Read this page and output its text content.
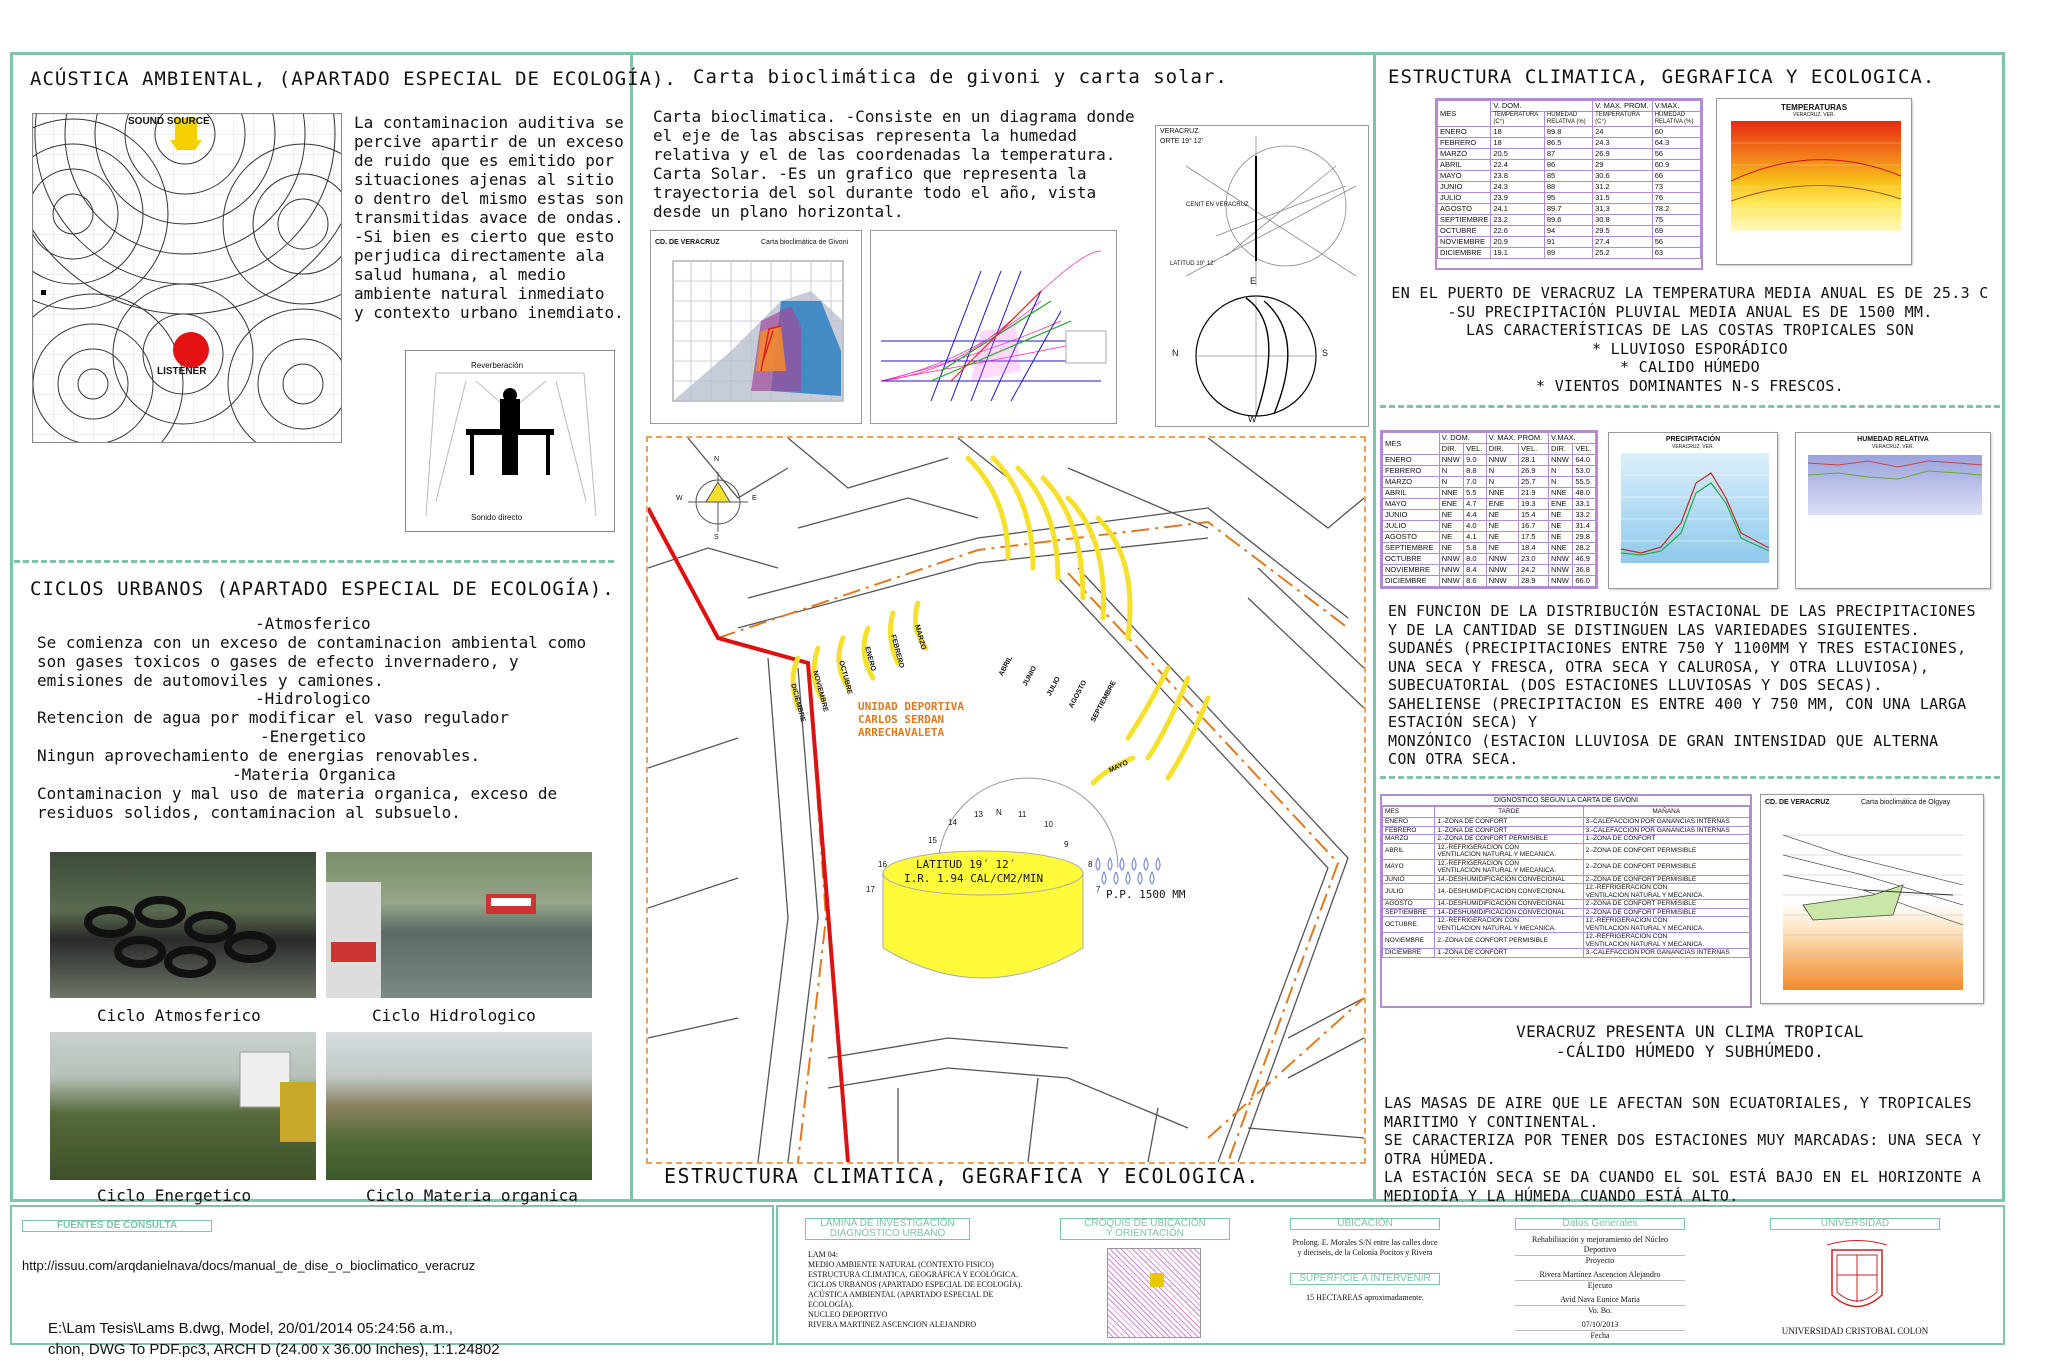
ACÚSTICA AMBIENTAL, (APARTADO ESPECIAL DE ECOLOGÍA).
SOUND SOURCE
LISTENER
La contaminacion auditiva se
percive apartir de un exceso
de ruido que es emitido por
situaciones ajenas al sitio
o dentro del mismo estas son
transmitidas avace de ondas.
-Si bien es cierto que esto
perjudica directamente ala
salud humana, al medio
ambiente natural inmediato
y contexto urbano inemdiato.
Reverberación
Sonido directo
CICLOS URBANOS (APARTADO ESPECIAL DE ECOLOGÍA).
-Atmosferico
Se comienza con un exceso de contaminacion ambiental como
son gases toxicos o gases de efecto invernadero, y
emisiones de automoviles y camiones.
-Hidrologico
Retencion de agua por modificar el vaso regulador
-Energetico
Ningun aprovechamiento de energias renovables.
-Materia Organica
Contaminacion y mal uso de materia organica, exceso de
residuos solidos, contaminacion al subsuelo.
Ciclo Atmosferico	Ciclo Hidrologico
Ciclo Energetico	Ciclo Materia organica
Carta bioclimática de givoni y carta solar.
Carta bioclimatica. -Consiste en un diagrama donde
el eje de las abscisas representa la humedad
relativa y el de las coordenadas la temperatura.
Carta Solar. -Es un grafico que representa la
trayectoria del sol durante todo el año, vista
desde un plano horizontal.
CD. DE VERACRUZ	Carta bioclimática de Givoni
VERACRUZ
ORTE 19° 12'
CENIT EN VERACRUZ
LATITUD 19° 12'
E
N	S
W
N
E
S
W
DICIEMBRE NOVIEMBRE OCTUBRE
ENERO FEBRERO MARZO
ABRIL JUNIO JULIO AGOSTO SEPTIEMBRE
MAYO
UNIDAD DEPORTIVA
CARLOS SERDAN
ARRECHAVALETA
13 N 11
14	10
15	9
16	8
17	7
LATITUD 19´ 12´
I.R. 1.94 CAL/CM2/MIN
P.P. 1500 MM
ESTRUCTURA CLIMATICA, GEGRAFICA Y ECOLOGICA.
ESTRUCTURA CLIMATICA, GEGRAFICA Y ECOLOGICA.
MES	V. DOM.		V. MAX. PROM.	V.MAX.
	TEMPERATURA (C°)	HUMEDAD RELATIVA (%)	TEMPERATURA (C°)	HUMEDAD RELATIVA (%)
ENERO	18	89.8	24	60
FEBRERO	18	86.5	24.3	64.3
MARZO	20.5	87	26.9	56
ABRIL	22.4	86	29	60.9
MAYO	23.8	85	30.6	66
JUNIO	24.3	88	31.2	73
JULIO	23.9	95	31.5	76
AGOSTO	24.1	89.7	31.3	78.2
SEPTIEMBRE	23.2	89.6	30.8	75
OCTUBRE	22.6	94	29.5	69
NOVIEMBRE	20.9	91	27.4	56
DICIEMBRE	19.1	89	25.2	63
TEMPERATURAS
VERACRUZ, VER.
EN EL PUERTO DE VERACRUZ LA TEMPERATURA MEDIA ANUAL ES DE 25.3 C
-SU PRECIPITACIÓN PLUVIAL MEDIA ANUAL ES DE 1500 MM.
LAS CARACTERÍSTICAS DE LAS COSTAS TROPICALES SON
* LLUVIOSO ESPORÁDICO
* CALIDO HÚMEDO
* VIENTOS DOMINANTES N-S FRESCOS.
MES	V. DOM.		V. MAX. PROM.		V.MAX.	
	DIR.	VEL.	DIR.	VEL.	DIR.	VEL.
ENERO	NNW	9.0	NNW	28.1	NNW	64.0
FEBRERO	N	8.8	N	26.9	N	53.0
MARZO	N	7.0	N	25.7	N	55.5
ABRIL	NNE	5.5	NNE	21.9	NNE	48.0
MAYO	ENE	4.7	ENE	19.3	ENE	33.1
JUNIO	NE	4.4	NE	15.4	NE	33.2
JULIO	NE	4.0	NE	16.7	NE	31.4
AGOSTO	NE	4.1	NE	17.5	NE	29.8
SEPTIEMBRE	NE	5.8	NE	18.4	NNE	28.2
OCTUBRE	NNW	8.0	NNW	23.0	NNW	46.9
NOVIEMBRE	NNW	8.4	NNW	24.2	NNW	36.8
DICIEMBRE	NNW	8.6	NNW	28.9	NNW	66.0
PRECIPITACIÓN
VERACRUZ, VER.
HUMEDAD RELATIVA
VERACRUZ, VER.
EN FUNCION DE LA DISTRIBUCIÓN ESTACIONAL DE LAS PRECIPITACIONES
Y DE LA CANTIDAD SE DISTINGUEN LAS VARIEDADES SIGUIENTES.
SUDANÉS (PRECIPITACIONES ENTRE 750 Y 1100MM Y TRES ESTACIONES,
UNA SECA Y FRESCA, OTRA SECA Y CALUROSA, Y OTRA LLUVIOSA),
SUBECUATORIAL (DOS ESTACIONES LLUVIOSAS Y DOS SECAS).
SAHELIENSE (PRECIPITACION ES ENTRE 400 Y 750 MM, CON UNA LARGA
ESTACIÓN SECA) Y
MONZÓNICO (ESTACION LLUVIOSA DE GRAN INTENSIDAD QUE ALTERNA
CON OTRA SECA.
DIGNOSTICO SEGÚN LA CARTA DE GIVONI
MES	TARDE	MAÑANA
ENERO	1.-ZONA DE CONFORT	3.-CALEFACCION POR GANANCIAS INTERNAS
FEBRERO	1.-ZONA DE CONFORT	3.-CALEFACCION POR GANANCIAS INTERNAS
MARZO	2.-ZONA DE CONFORT PERMISIBLE	1.-ZONA DE CONFORT
ABRIL	12.-REFRIGERACION CON
VENTILACION NATURAL Y MECANICA.	2.-ZONA DE CONFORT PERMISIBLE
MAYO	12.-REFRIGERACION CON
VENTILACION NATURAL Y MECANICA.	2.-ZONA DE CONFORT PERMISIBLE
JUNIO	14.-DESHUMIDIFICACION CONVECIONAL	2.-ZONA DE CONFORT PERMISIBLE
JULIO	14.-DESHUMIDIFICACION CONVECIONAL	12.-REFRIGERACION CON
VENTILACION NATURAL Y MECANICA.
AGOSTO	14.-DESHUMIDIFICACION CONVECIONAL	2.-ZONA DE CONFORT PERMISIBLE
SEPTIEMBRE	14.-DESHUMIDIFICACION CONVECIONAL	2.-ZONA DE CONFORT PERMISIBLE
OCTUBRE	12.-REFRIGERACION CON
VENTILACION NATURAL Y MECANICA.	12.-REFRIGERACION CON
VENTILACION NATURAL Y MECANICA.
NOVIEMBRE	2.-ZONA DE CONFORT PERMISIBLE	12.-REFRIGERACION CON
VENTILACION NATURAL Y MECANICA.
DICIEMBRE	1.-ZONA DE CONFORT	3.-CALEFACCION POR GANANCIAS INTERNAS
CD. DE VERACRUZ	Carta bioclimática de Olgyay
VERACRUZ PRESENTA UN CLIMA TROPICAL
-CÁLIDO HÚMEDO Y SUBHÚMEDO.
LAS MASAS DE AIRE QUE LE AFECTAN SON ECUATORIALES, Y TROPICALES
MARITIMO Y CONTINENTAL.
SE CARACTERIZA POR TENER DOS ESTACIONES MUY MARCADAS: UNA SECA Y
OTRA HÚMEDA.
LA ESTACIÓN SECA SE DA CUANDO EL SOL ESTÁ BAJO EN EL HORIZONTE A
MEDIODÍA Y LA HÚMEDA CUANDO ESTÁ ALTO.
FUENTES DE CONSULTA
http://issuu.com/arqdanielnava/docs/manual_de_dise_o_bioclimatico_veracruz
E:\Lam Tesis\Lams B.dwg, Model, 20/01/2014 05:24:56 a.m.,
chon, DWG To PDF.pc3, ARCH D (24.00 x 36.00 Inches), 1:1.24802
LAMINA DE INVESTIGACIÓN
DIAGNÓSTICO URBANO
LAM 04:
MEDIO AMBIENTE NATURAL (CONTEXTO FISICO)
ESTRUCTURA CLIMATICA, GEOGRÁFICA Y ECOLÓGICA.
CICLOS URBANOS (APARTADO ESPECIAL DE ECOLOGÍA).
ACÚSTICA AMBIENTAL (APARTADO ESPECIAL DE ECOLOGÍA).
NUCLEO DEPORTIVO
RIVERA MARTINEZ ASCENCION ALEJANDRO
CROQUIS DE UBICACIÓN
Y ORIENTACIÓN
UBICACIÓN
Prolong. E. Morales S/N entre las calles doce
y dieciseis, de la Colonia Pocitos y Rivera
SUPERFICIE A INTERVENIR
15 HECTAREAS aproximadamente.
Datos Generales
Rehabilitación y mejoramiento del Núcleo Deportivo
Proyecto
Rivera Martínez Ascencion Alejandro
Ejecuto
Avid Nava Eunice Maria
Vo. Bo.
07/10/2013
Fecha
UNIVERSIDAD
UNIVERSIDAD CRISTOBAL COLON
